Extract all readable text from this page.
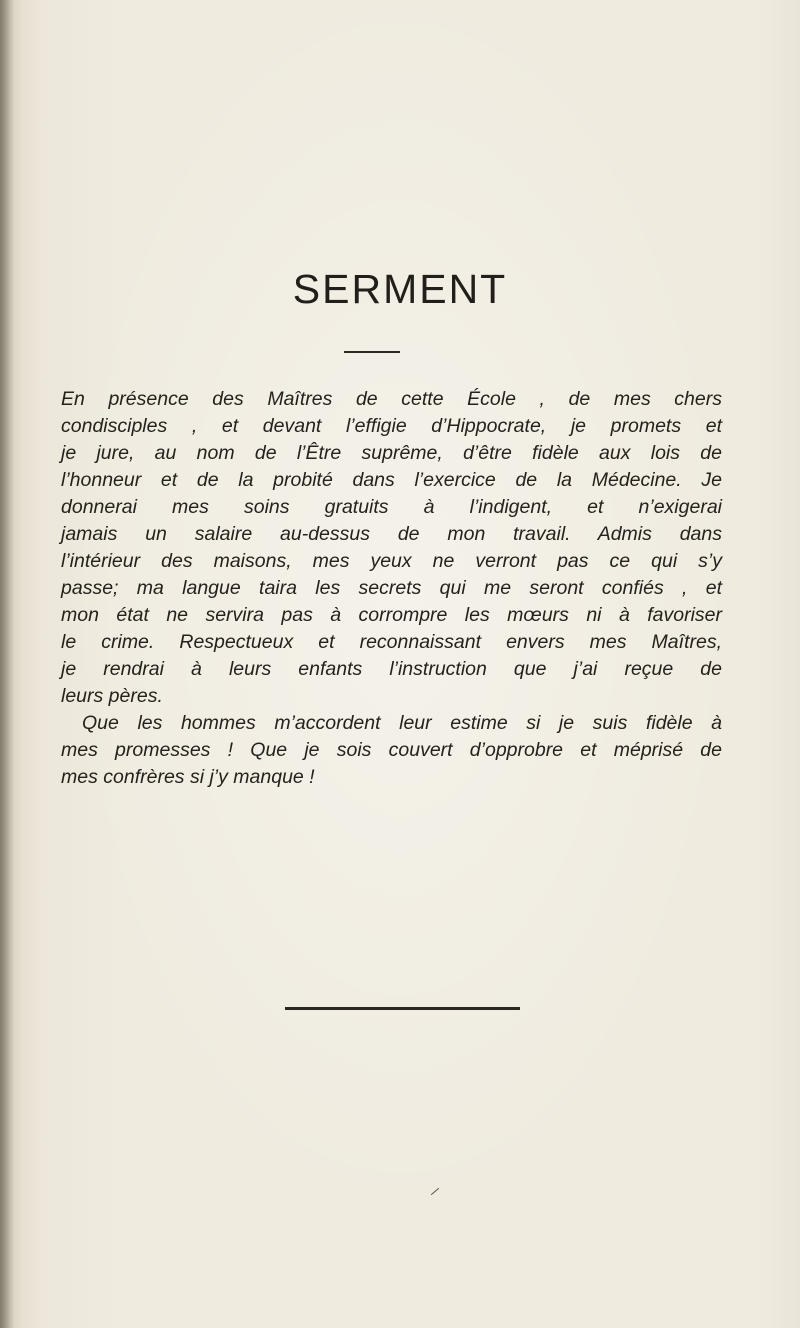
SERMENT
En présence des Maîtres de cette École , de mes chers
condisciples , et devant l’effigie d’Hippocrate, je promets et
je jure, au nom de l’Être suprême, d’être fidèle aux lois de
l’honneur et de la probité dans l’exercice de la Médecine. Je
donnerai mes soins gratuits à l’indigent, et n’exigerai
jamais un salaire au-dessus de mon travail. Admis dans
l’intérieur des maisons, mes yeux ne verront pas ce qui s’y
passe; ma langue taira les secrets qui me seront confiés , et
mon état ne servira pas à corrompre les mœurs ni à favoriser
le crime. Respectueux et reconnaissant envers mes Maîtres,
je rendrai à leurs enfants l’instruction que j’ai reçue de
leurs pères.
Que les hommes m’accordent leur estime si je suis fidèle à
mes promesses ! Que je sois couvert d’opprobre et méprisé de
mes confrères si j’y manque !
